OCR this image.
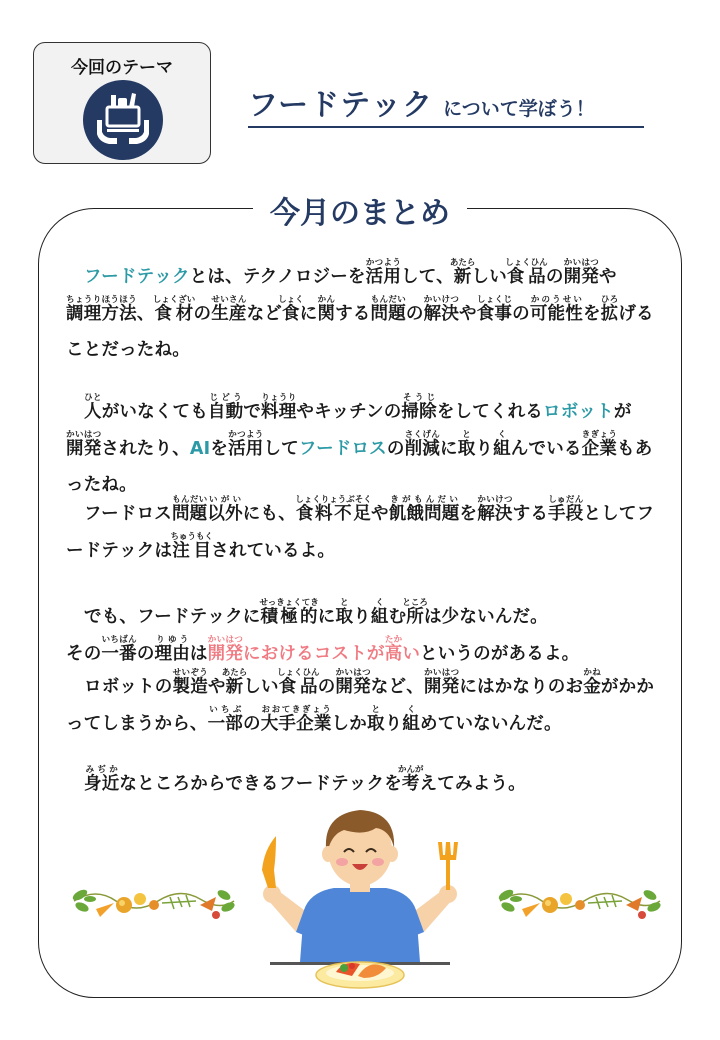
今回のテーマ
フードテック について学ぼう！
今月のまとめ
フードテックとは、テクノロジーを活用かつようして、新あたらしい食品しょくひんの開発かいはつや調理方法ちょうりほうほう、食材しょくざいの生産せいさんなど食しょくに関かんする問題もんだいの解決かいけつや食事しょくじの可能性かのうせいを拡ひろげることだったね。
人ひとがいなくても自動じどうで料理りょうりやキッチンの掃除そうじをしてくれるロボットが開発かいはつされたり、AIを活用かつようしてフードロスの削減さくげんに取とり組くんでいる企業きぎょうもあったね。
フードロス問題もんだい以外いがいにも、食料不足しょくりょうぶそくや飢餓問題きがもんだいを解決かいけつする手段しゅだんとしてフードテックは注目ちゅうもくされているよ。
でも、フードテックに積極的せっきょくてきに取とり組くむ所ところは少ないんだ。
その一番いちばんの理由りゆうは開発かいはつにおけるコストが高たかいというのがあるよ。
ロボットの製造せいぞうや新あたらしい食品しょくひんの開発かいはつなど、開発かいはつにはかなりのお金かねがかかってしまうから、一部いちぶの大手企業おおてきぎょうしか取とり組くめていないんだ。
身近みぢかなところからできるフードテックを考かんがえてみよう。
